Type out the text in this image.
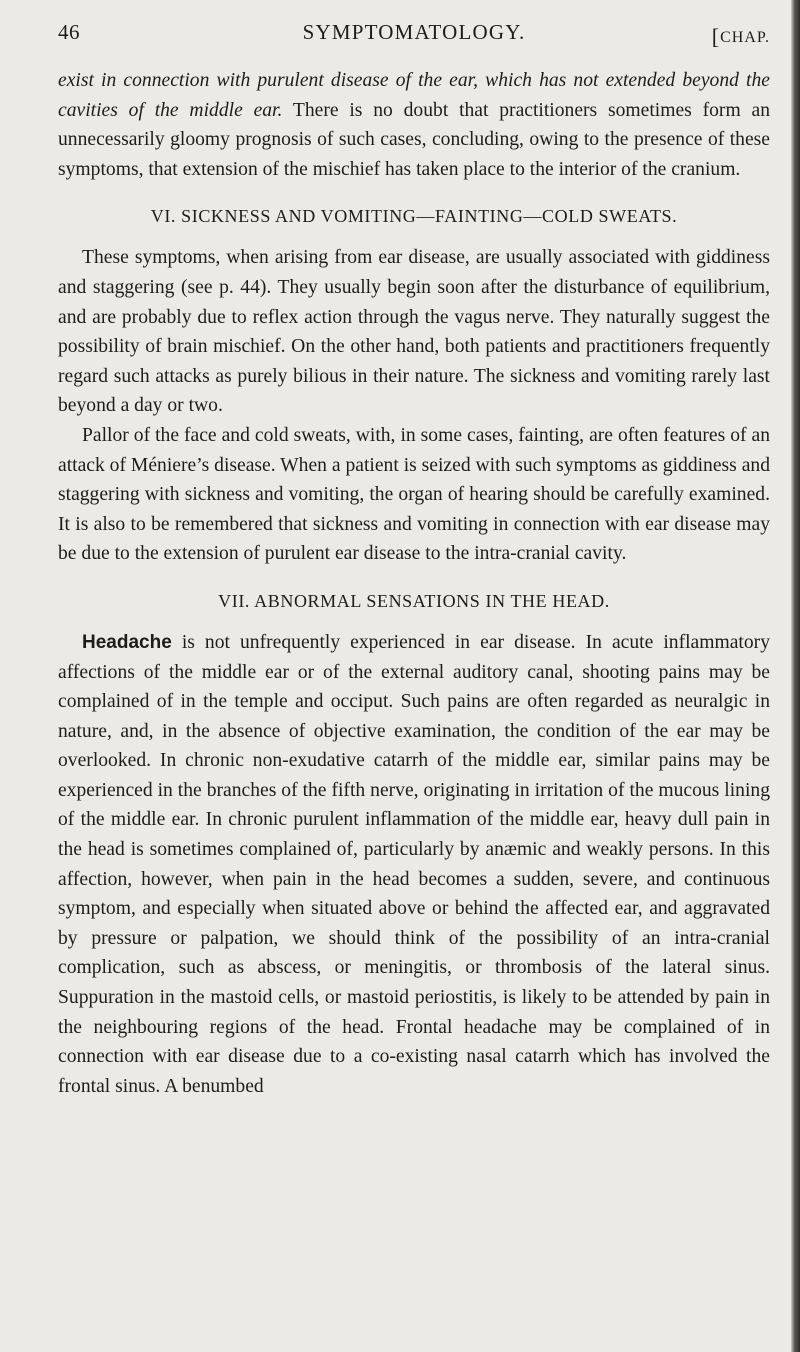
46	SYMPTOMATOLOGY.	[CHAP.

exist in connection with purulent disease of the ear, which has not extended beyond the cavities of the middle ear. There is no doubt that practitioners sometimes form an unnecessarily gloomy prognosis of such cases, concluding, owing to the presence of these symptoms, that extension of the mischief has taken place to the interior of the cranium.

VI. SICKNESS AND VOMITING—FAINTING—COLD SWEATS.

These symptoms, when arising from ear disease, are usually associated with giddiness and staggering (see p. 44). They usually begin soon after the disturbance of equilibrium, and are probably due to reflex action through the vagus nerve. They naturally suggest the possibility of brain mischief. On the other hand, both patients and practitioners frequently regard such attacks as purely bilious in their nature. The sickness and vomiting rarely last beyond a day or two.

Pallor of the face and cold sweats, with, in some cases, fainting, are often features of an attack of Méniere’s disease. When a patient is seized with such symptoms as giddiness and staggering with sickness and vomiting, the organ of hearing should be carefully examined. It is also to be remembered that sickness and vomiting in connection with ear disease may be due to the extension of purulent ear disease to the intra-cranial cavity.

VII. ABNORMAL SENSATIONS IN THE HEAD.

Headache is not unfrequently experienced in ear disease. In acute inflammatory affections of the middle ear or of the external auditory canal, shooting pains may be complained of in the temple and occiput. Such pains are often regarded as neuralgic in nature, and, in the absence of objective examination, the condition of the ear may be overlooked. In chronic non-exudative catarrh of the middle ear, similar pains may be experienced in the branches of the fifth nerve, originating in irritation of the mucous lining of the middle ear. In chronic purulent inflammation of the middle ear, heavy dull pain in the head is sometimes complained of, particularly by anæmic and weakly persons. In this affection, however, when pain in the head becomes a sudden, severe, and continuous symptom, and especially when situated above or behind the affected ear, and aggravated by pressure or palpation, we should think of the possibility of an intra-cranial complication, such as abscess, or meningitis, or thrombosis of the lateral sinus. Suppuration in the mastoid cells, or mastoid periostitis, is likely to be attended by pain in the neighbouring regions of the head. Frontal headache may be complained of in connection with ear disease due to a co-existing nasal catarrh which has involved the frontal sinus. A benumbed
